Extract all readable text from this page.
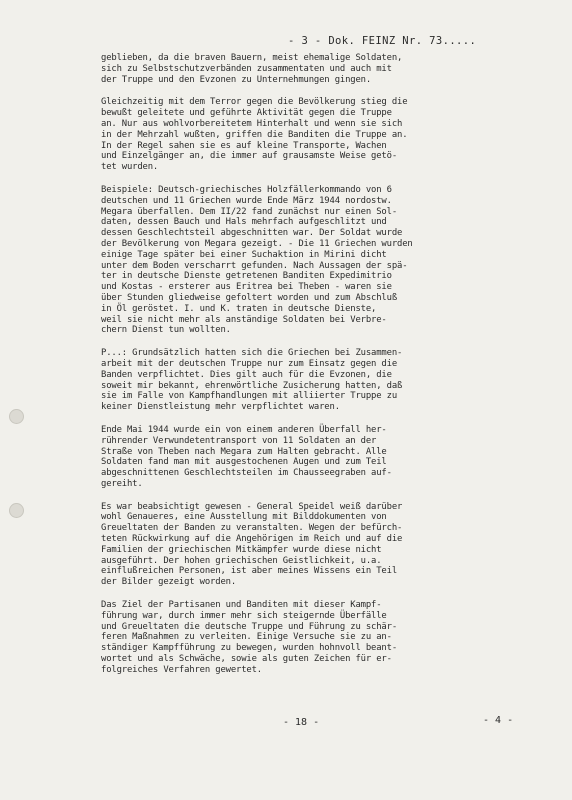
- 3 - Dok. FEINZ Nr. 73.....
geblieben, da die braven Bauern, meist ehemalige Soldaten,
sich zu Selbstschutzverbänden zusammentaten und auch mit
der Truppe und den Evzonen zu Unternehmungen gingen.
Gleichzeitig mit dem Terror gegen die Bevölkerung stieg die
bewußt geleitete und geführte Aktivität gegen die Truppe
an. Nur aus wohlvorbereitetem Hinterhalt und wenn sie sich
in der Mehrzahl wußten, griffen die Banditen die Truppe an.
In der Regel sahen sie es auf kleine Transporte, Wachen
und Einzelgänger an, die immer auf grausamste Weise getö-
tet wurden.
Beispiele: Deutsch-griechisches Holzfällerkommando von 6
deutschen und 11 Griechen wurde Ende März 1944 nordostw.
Megara überfallen. Dem II/22 fand zunächst nur einen Sol-
daten, dessen Bauch und Hals mehrfach aufgeschlitzt und
dessen Geschlechtsteil abgeschnitten war. Der Soldat wurde
der Bevölkerung von Megara gezeigt. - Die 11 Griechen wurden
einige Tage später bei einer Suchaktion in Mirini dicht
unter dem Boden verscharrt gefunden. Nach Aussagen der spä-
ter in deutsche Dienste getretenen Banditen Expedimitrio
und Kostas - ersterer aus Eritrea bei Theben - waren sie
über Stunden gliedweise gefoltert worden und zum Abschluß
in Öl geröstet. I. und K. traten in deutsche Dienste,
weil sie nicht mehr als anständige Soldaten bei Verbre-
chern Dienst tun wollten.
P...: Grundsätzlich hatten sich die Griechen bei Zusammen-
arbeit mit der deutschen Truppe nur zum Einsatz gegen die
Banden verpflichtet. Dies gilt auch für die Evzonen, die
soweit mir bekannt, ehrenwörtliche Zusicherung hatten, daß
sie im Falle von Kampfhandlungen mit alliierter Truppe zu
keiner Dienstleistung mehr verpflichtet waren.
Ende Mai 1944 wurde ein von einem anderen Überfall her-
rührender Verwundetentransport von 11 Soldaten an der
Straße von Theben nach Megara zum Halten gebracht. Alle
Soldaten fand man mit ausgestochenen Augen und zum Teil
abgeschnittenen Geschlechtsteilen im Chausseegraben auf-
gereiht.
Es war beabsichtigt gewesen - General Speidel weiß darüber
wohl Genaueres, eine Ausstellung mit Bilddokumenten von
Greueltaten der Banden zu veranstalten. Wegen der befürch-
teten Rückwirkung auf die Angehörigen im Reich und auf die
Familien der griechischen Mitkämpfer wurde diese nicht
ausgeführt. Der hohen griechischen Geistlichkeit, u.a.
einflußreichen Personen, ist aber meines Wissens ein Teil
der Bilder gezeigt worden.
Das Ziel der Partisanen und Banditen mit dieser Kampf-
führung war, durch immer mehr sich steigernde Überfälle
und Greueltaten die deutsche Truppe und Führung zu schär-
feren Maßnahmen zu verleiten. Einige Versuche sie zu an-
ständiger Kampfführung zu bewegen, wurden hohnvoll beant-
wortet und als Schwäche, sowie als guten Zeichen für er-
folgreiches Verfahren gewertet.
- 18 -	- 4 -
